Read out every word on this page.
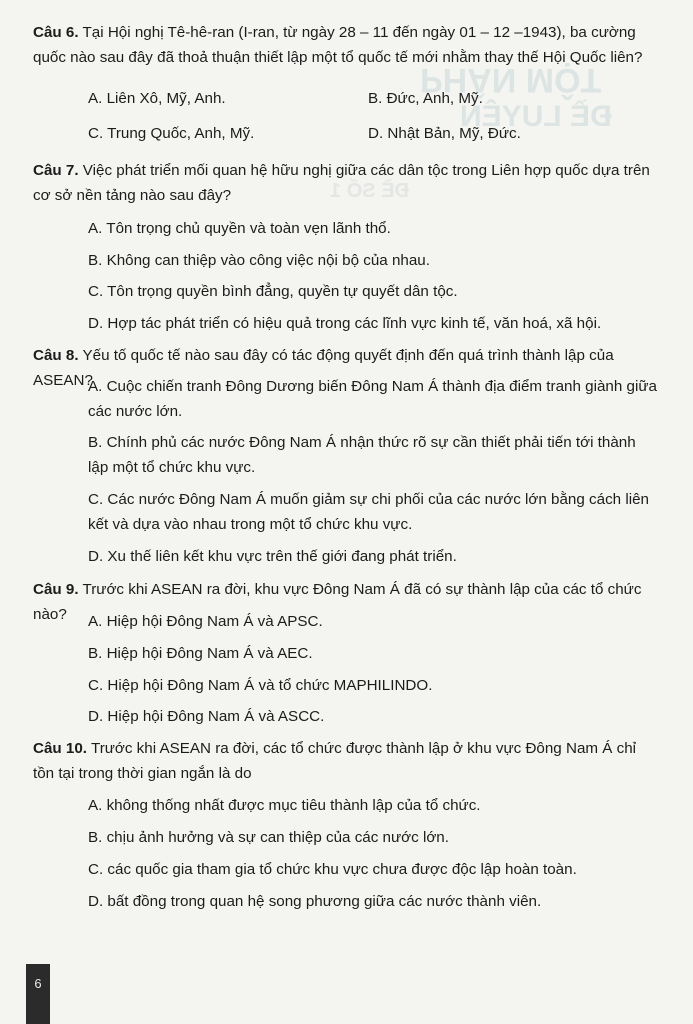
PHẦN MỘT
ĐỀ LUYỆN
ĐỀ SỐ 1
Câu 6. Tại Hội nghị Tê-hê-ran (I-ran, từ ngày 28 – 11 đến ngày 01 – 12 –1943), ba cường quốc nào sau đây đã thoả thuận thiết lập một tổ quốc tế mới nhằm thay thế Hội Quốc liên?
A. Liên Xô, Mỹ, Anh.	B. Đức, Anh, Mỹ.
C. Trung Quốc, Anh, Mỹ.	D. Nhật Bản, Mỹ, Đức.
Câu 7. Việc phát triển mối quan hệ hữu nghị giữa các dân tộc trong Liên hợp quốc dựa trên cơ sở nền tảng nào sau đây?
A. Tôn trọng chủ quyền và toàn vẹn lãnh thổ.
B. Không can thiệp vào công việc nội bộ của nhau.
C. Tôn trọng quyền bình đẳng, quyền tự quyết dân tộc.
D. Hợp tác phát triển có hiệu quả trong các lĩnh vực kinh tế, văn hoá, xã hội.
Câu 8. Yếu tố quốc tế nào sau đây có tác động quyết định đến quá trình thành lập của ASEAN?
A. Cuộc chiến tranh Đông Dương biến Đông Nam Á thành địa điểm tranh giành giữa các nước lớn.
B. Chính phủ các nước Đông Nam Á nhận thức rõ sự cần thiết phải tiến tới thành lập một tổ chức khu vực.
C. Các nước Đông Nam Á muốn giảm sự chi phối của các nước lớn bằng cách liên kết và dựa vào nhau trong một tổ chức khu vực.
D. Xu thế liên kết khu vực trên thế giới đang phát triển.
Câu 9. Trước khi ASEAN ra đời, khu vực Đông Nam Á đã có sự thành lập của các tổ chức nào?	A. Hiệp hội Đông Nam Á và APSC.
B. Hiệp hội Đông Nam Á và AEC.
C. Hiệp hội Đông Nam Á và tổ chức MAPHILINDO.
D. Hiệp hội Đông Nam Á và ASCC.
Câu 10. Trước khi ASEAN ra đời, các tổ chức được thành lập ở khu vực Đông Nam Á chỉ tồn tại trong thời gian ngắn là do
A. không thống nhất được mục tiêu thành lập của tổ chức.
B. chịu ảnh hưởng và sự can thiệp của các nước lớn.
C. các quốc gia tham gia tổ chức khu vực chưa được độc lập hoàn toàn.
D. bất đồng trong quan hệ song phương giữa các nước thành viên.
6
